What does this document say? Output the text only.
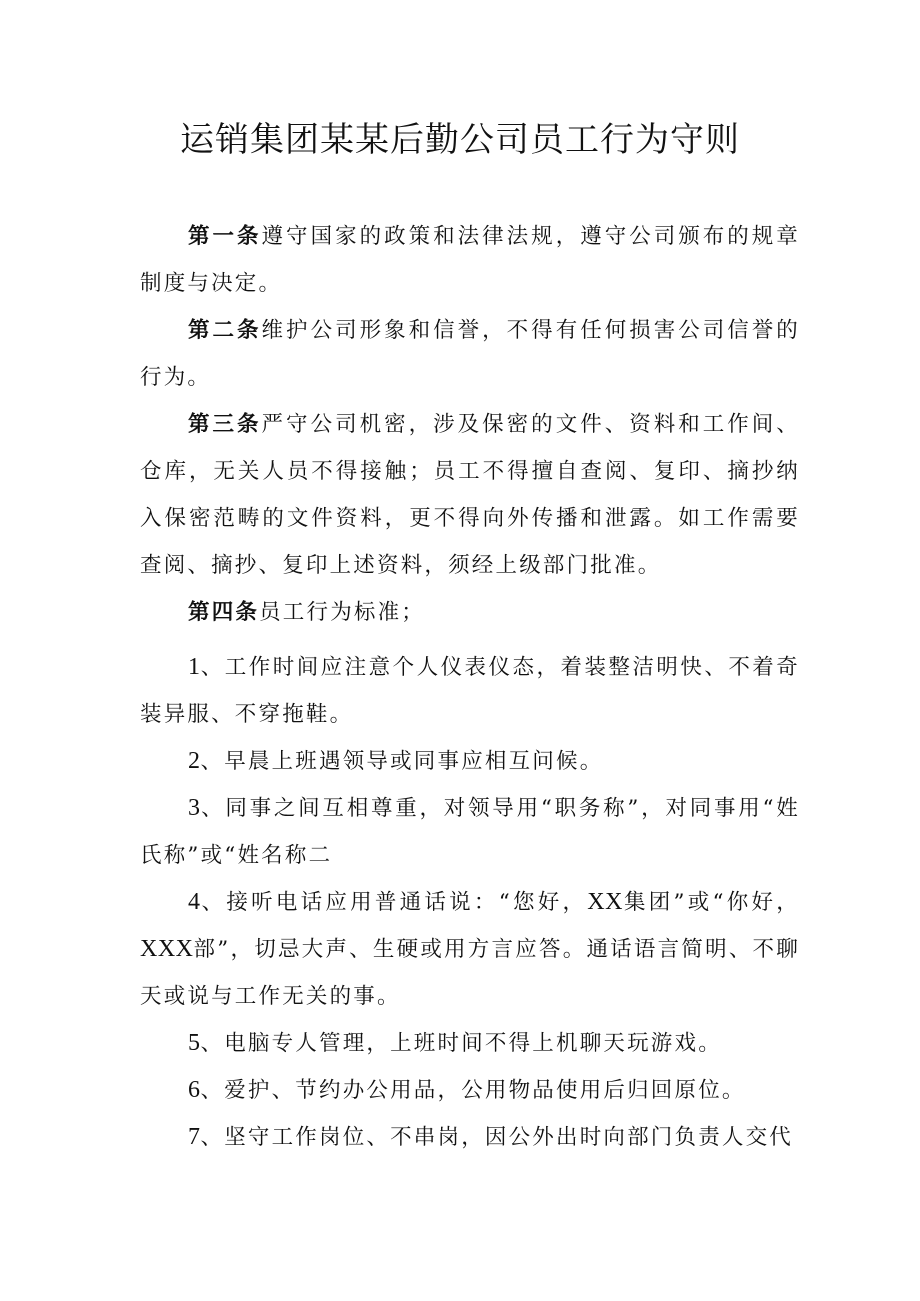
运销集团某某后勤公司员工行为守则

第一条遵守国家的政策和法律法规，遵守公司颁布的规章制度与决定。

第二条维护公司形象和信誉，不得有任何损害公司信誉的行为。

第三条严守公司机密，涉及保密的文件、资料和工作间、仓库，无关人员不得接触；员工不得擅自查阅、复印、摘抄纳入保密范畴的文件资料，更不得向外传播和泄露。如工作需要查阅、摘抄、复印上述资料，须经上级部门批准。

第四条员工行为标准；

1、工作时间应注意个人仪表仪态，着装整洁明快、不着奇装异服、不穿拖鞋。

2、早晨上班遇领导或同事应相互问候。

3、同事之间互相尊重，对领导用“职务称”，对同事用“姓氏称”或“姓名称二

4、接听电话应用普通话说：“您好，XX集团”或“你好，XXX部”，切忌大声、生硬或用方言应答。通话语言简明、不聊天或说与工作无关的事。

5、电脑专人管理，上班时间不得上机聊天玩游戏。

6、爱护、节约办公用品，公用物品使用后归回原位。

7、坚守工作岗位、不串岗，因公外出时向部门负责人交代
